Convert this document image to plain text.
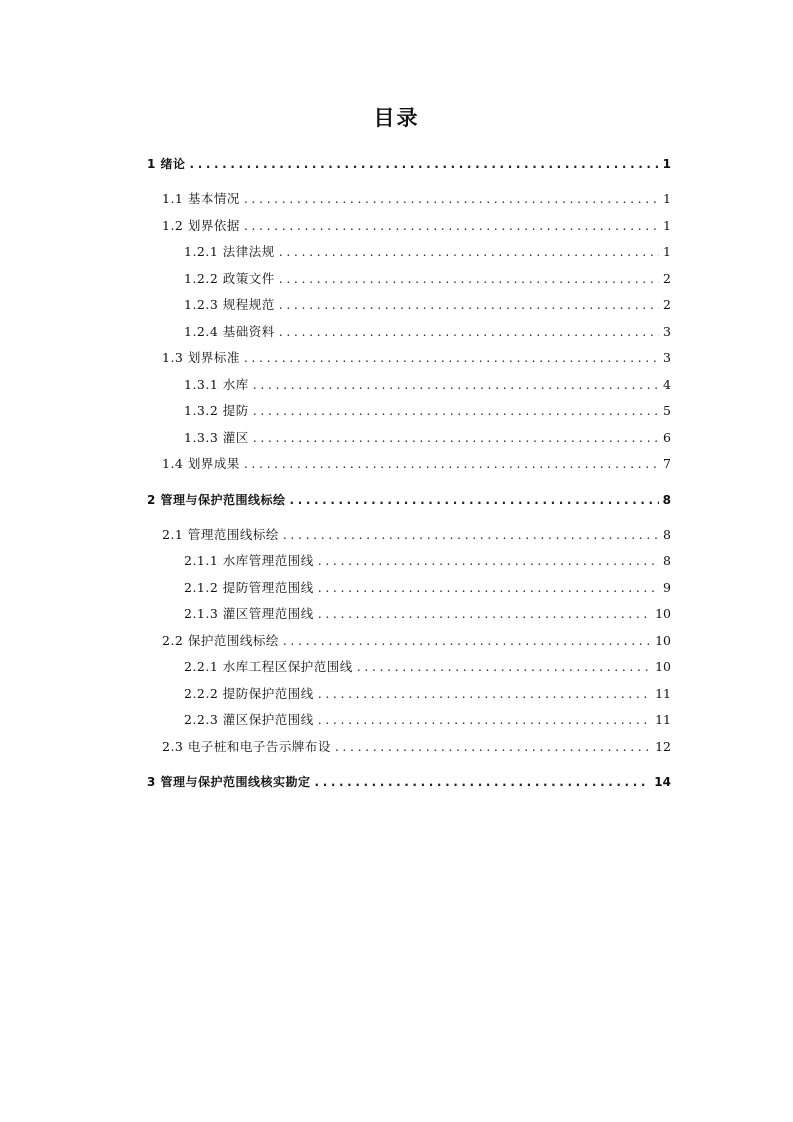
目录
1 绪论 .....	1
1.1 基本情况 .....	1
1.2 划界依据 .....	1
1.2.1 法律法规 .....	1
1.2.2 政策文件 .....	2
1.2.3 规程规范 .....	2
1.2.4 基础资料 .....	3
1.3 划界标准 .....	3
1.3.1 水库 .....	4
1.3.2 提防 .....	5
1.3.3 灌区 .....	6
1.4 划界成果 .....	7
2 管理与保护范围线标绘 .....	8
2.1 管理范围线标绘 .....	8
2.1.1 水库管理范围线 .....	8
2.1.2 提防管理范围线 .....	9
2.1.3 灌区管理范围线 .....	10
2.2 保护范围线标绘 .....	10
2.2.1 水库工程区保护范围线 .....	10
2.2.2 提防保护范围线 .....	11
2.2.3 灌区保护范围线 .....	11
2.3 电子桩和电子告示牌布设 .....	12
3 管理与保护范围线核实勘定 .....	14
